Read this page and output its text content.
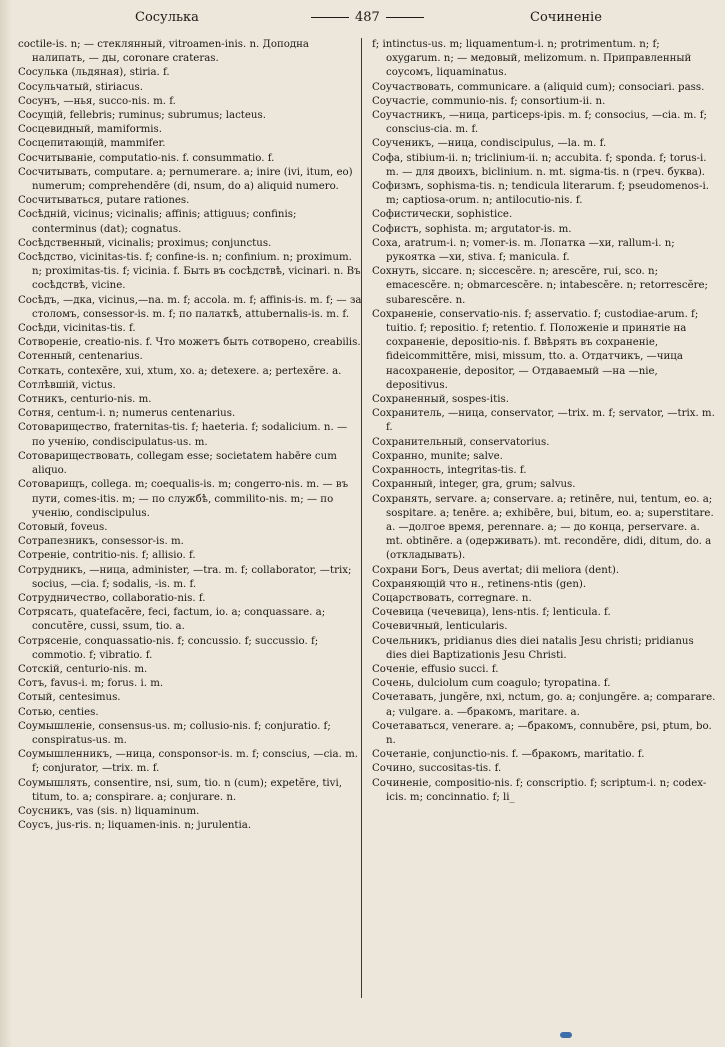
Сосулька	487	Сочиненie

coctile-is. n; — стеклянный, vitroamen-inis. n. Доподна налипать, — ды, coronare crateras.

Сосулька (льдяная), stiria. f.

Сосульчатый, stiriacus.

Сосунъ, —нья, succo-nis. m. f.

Сосущій, fellebris; ruminus; subrumus; lacteus.

Сосцевидный, mamiformis.

Сосцепитающій, mammifer.

Сосчитываніе, computatio-nis. f. consummatio. f.

Сосчитывать, computare. a; pernumerare. a; inire (ivi, itum, eo) numerum; comprehendĕre (di, nsum, do a) aliquid numero.

Сосчитываться, putare rationes.

Сосѣдній, vicinus; vicinalis; affinis; attiguus; confinis; conterminus (dat); cognatus.

Сосѣдственный, vicinalis; proximus; conjunctus.

Сосѣдство, vicinitas-tis. f; confine-is. n; confinium. n; proximum. n; proximitas-tis. f; vicinia. f. Быть въ сосѣдствѣ, vicinari. n. Въ сосѣдствѣ, vicine.

Сосѣдъ, —дка, vicinus,—na. m. f; accola. m. f; affinis-is. m. f; — за столомъ, consessor-is. m. f; по палаткѣ, attubernalis-is. m. f.

Сосѣди, vicinitas-tis. f.

Сотвореніе, creatio-nis. f. Что можетъ быть сотворено, creabilis.

Сотенный, centenarius.

Соткать, contexĕre, xui, xtum, xo. a; detexere. a; pertexĕre. a.

Сотлѣвшій, victus.

Сотникъ, centurio-nis. m.

Сотня, centum-i. n; numerus centenarius.

Сотоварищество, fraternitas-tis. f; haeteria. f; sodalicium. n. — по ученію, condiscipulatus-us. m.

Сотовариществовать, collegam esse; societatem habēre cum aliquo.

Сотоварищъ, collega. m; coequalis-is. m; congerro-nis. m. — въ пути, comes-itis. m; — по службѣ, commilito-nis. m; — по ученію, condiscipulus.

Сотовый, foveus.

Сотрапезникъ, consessor-is. m.

Сотреніе, contritio-nis. f; allisio. f.

Сотрудникъ, —ница, administer, —tra. m. f; collaborator, —trix; socius, —cia. f; sodalis, -is. m. f.

Сотрудничество, collaboratio-nis. f.

Сотрясать, quatefacĕre, feci, factum, io. a; conquassare. a; concutĕre, cussi, ssum, tio. a.

Сотрясеніе, conquassatio-nis. f; concussio. f; succussio. f; commotio. f; vibratio. f.

Сотскій, centurio-nis. m.

Сотъ, favus-i. m; forus. i. m.

Сотый, centesimus.

Сотью, centies.

Соумышленіе, consensus-us. m; collusio-nis. f; conjuratio. f; conspiratus-us. m.

Соумышленникъ, —ница, consponsor-is. m. f; conscius, —cia. m. f; conjurator, —trix. m. f.

Соумышлять, consentire, nsi, sum, tio. n (cum); expetĕre, tivi, titum, to. a; conspirare. a; conjurare. n.

Соусникъ, vas (sis. n) liquaminum.

Соусъ, jus-ris. n; liquamen-inis. n; jurulentia.

f; intinctus-us. m; liquamentum-i. n; protrimentum. n; f; oxygarum. n; — медовый, melizomum. n. Приправленный соусомъ, liquaminatus.

Соучаствовать, communicare. a (aliquid cum); consociari. pass.

Соучастіе, communio-nis. f; consortium-ii. n.

Соучастникъ, —ница, particeps-ipis. m. f; consocius, —cia. m. f; conscius-cia. m. f.

Соученикъ, —ница, condiscipulus, —la. m. f.

Софа, stibium-ii. n; triclinium-ii. n; accubita. f; sponda. f; torus-i. m. — для двоихъ, biclinium. n. mt. sigma-tis. n (греч. буква).

Софизмъ, sophisma-tis. n; tendicula literarum. f; pseudomenos-i. m; captiosa-orum. n; antilocutio-nis. f.

Софистически, sophistice.

Софистъ, sophista. m; argutator-is. m.

Соха, aratrum-i. n; vomer-is. m. Лопатка —хи, rallum-i. n; рукоятка —хи, stiva. f; manicula. f.

Сохнуть, siccare. n; siccescĕre. n; arescĕre, rui, sco. n; emacescĕre. n; obmarcescĕre. n; intabescĕre. n; retorrescĕre; subarescĕre. n.

Сохраненіе, conservatio-nis. f; asservatio. f; custodiae-arum. f; tuitio. f; repositio. f; retentio. f. Положеніе и принятіе на сохраненіе, depositio-nis. f. Ввѣрять въ сохраненіе, fideicommittĕre, misi, missum, tto. a. Отдатчикъ, —чица насохраненіе, depositor, — Отдаваемый —на —nie, depositivus.

Сохраненный, sospes-itis.

Сохранитель, —ница, conservator, —trix. m. f; servator, —trix. m. f.

Сохранительный, conservatorius.

Сохранно, munite; salve.

Сохранность, integritas-tis. f.

Сохранный, integer, gra, grum; salvus.

Сохранять, servare. a; conservare. a; retinēre, nui, tentum, eo. a; sospitare. a; tenēre. a; exhibēre, bui, bitum, eo. a; superstitare. a. —долгое время, perennare. a; — до конца, perservare. a. mt. obtinēre. a (одерживать). mt. recondĕre, didi, ditum, do. a (откладывать).

Сохрани Богъ, Deus avertat; dii meliora (dent).

Сохраняющій что н., retinens-ntis (gen).

Соцарствовать, corregnare. n.

Сочевица (чечевица), lens-ntis. f; lenticula. f.

Сочевичный, lenticularis.

Сочельникъ, pridianus dies diei natalis Jesu christi; pridianus dies diei Baptizationis Jesu Christi.

Соченіе, effusio succi. f.

Сочень, dulciolum cum coagulo; tyropatina. f.

Сочетавать, jungĕre, nxi, nctum, go. a; conjungĕre. a; comparare. a; vulgare. a. —бракомъ, maritare. a.

Сочетаваться, venerare. a; —бракомъ, connubĕre, psi, ptum, bo. n.

Сочетаніе, conjunctio-nis. f. —бракомъ, maritatio. f.

Сочино, succositas-tis. f.

Сочиненіе, compositio-nis. f; conscriptio. f; scriptum-i. n; codex-icis. m; concinnatio. f; li_
